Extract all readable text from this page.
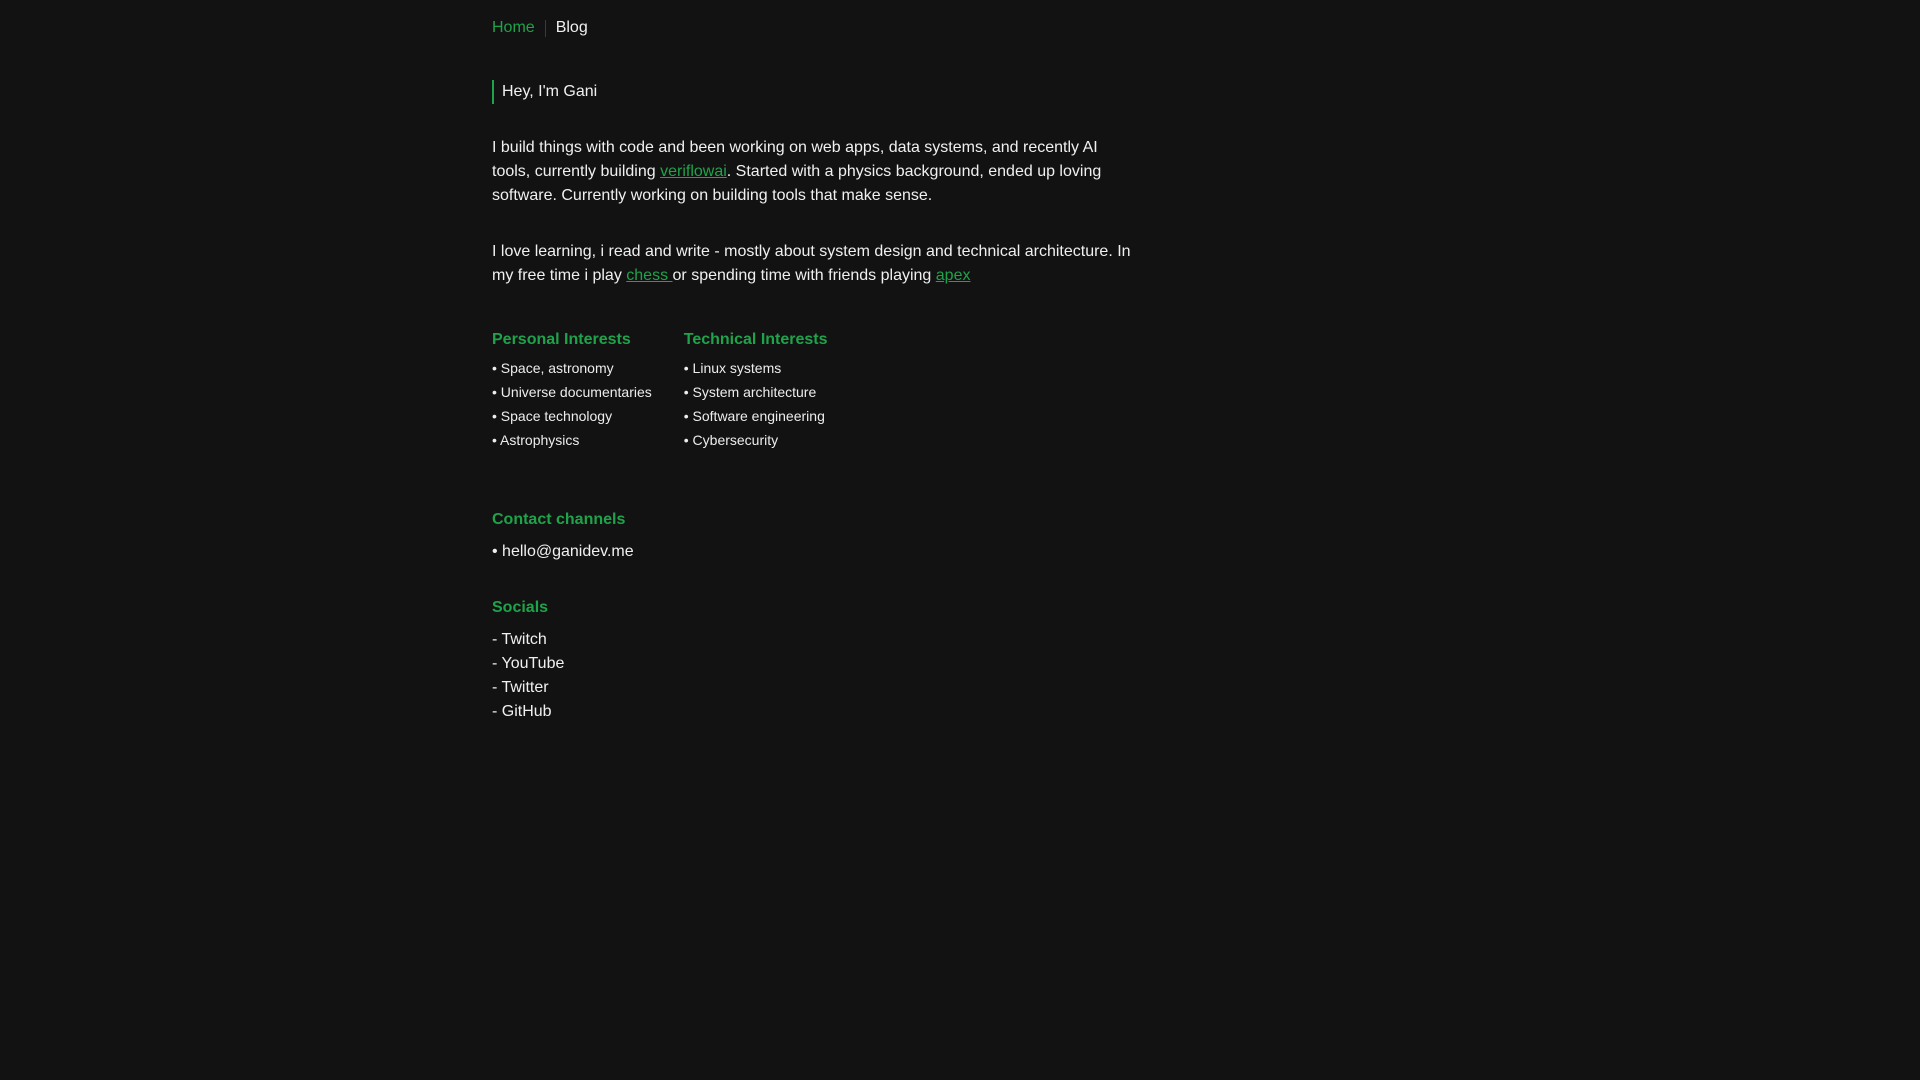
Home Blog
Hey, I'm Gani

I build things with code and been working on web apps, data systems, and recently AI tools, currently building veriflowai. Started with a physics background, ended up loving software. Currently working on building tools that make sense.

I love learning, i read and write - mostly about system design and technical architecture. In my free time i play chess or spending time with friends playing apex

Personal Interests
• Space, astronomy
• Universe documentaries
• Space technology
• Astrophysics
Technical Interests
• Linux systems
• System architecture
• Software engineering
• Cybersecurity
Contact channels
• hello@ganidev.me
Socials
- Twitch
- YouTube
- Twitter
- GitHub
